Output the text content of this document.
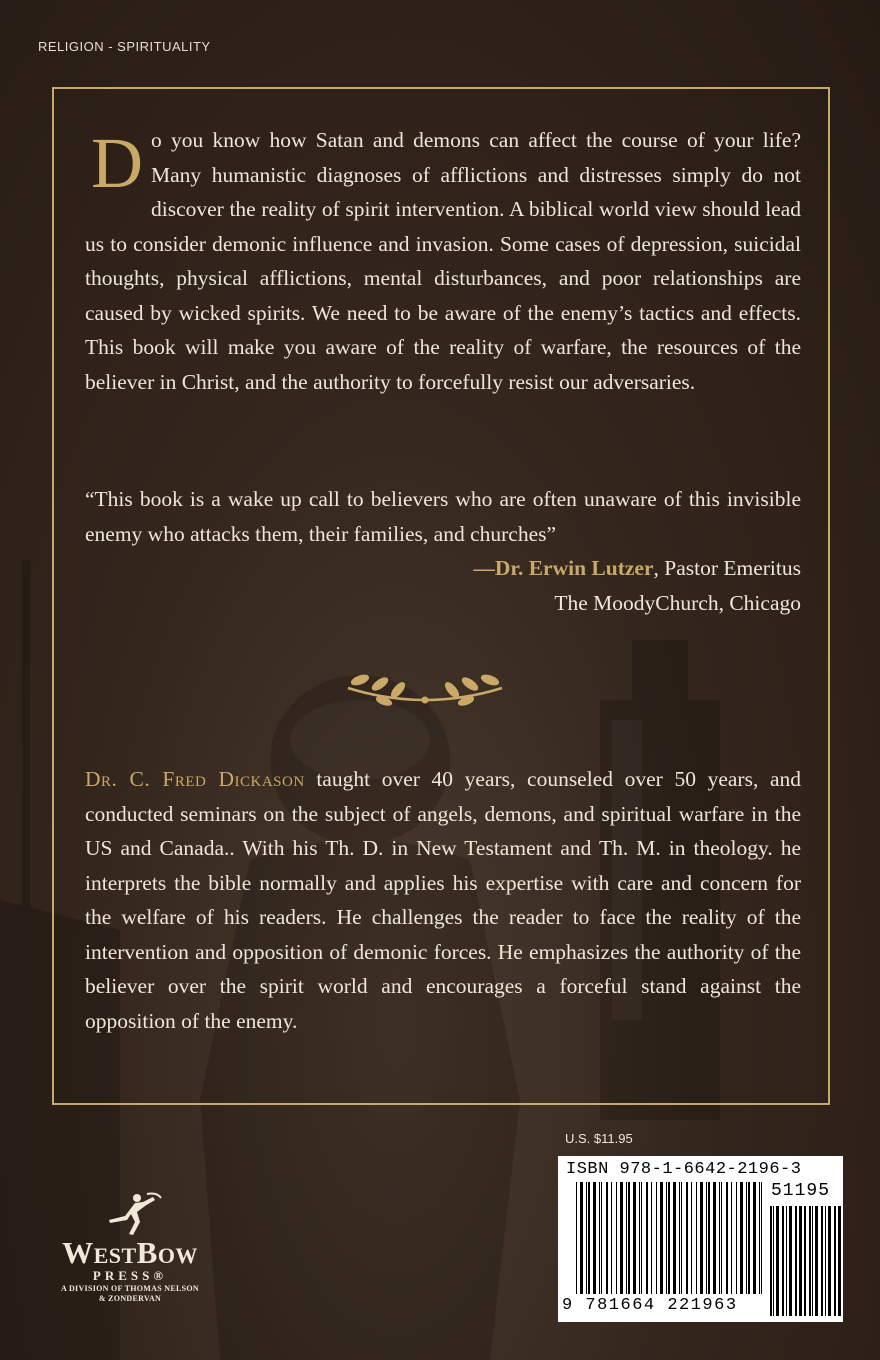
RELIGION - SPIRITUALITY
Do you know how Satan and demons can affect the course of your life? Many humanistic diagnoses of afflictions and distresses simply do not discover the reality of spirit intervention. A biblical world view should lead us to consider demonic influence and invasion. Some cases of depression, suicidal thoughts, physical afflictions, mental disturbances, and poor relationships are caused by wicked spirits. We need to be aware of the enemy’s tactics and effects. This book will make you aware of the reality of warfare, the resources of the believer in Christ, and the authority to forcefully resist our adversaries.
“This book is a wake up call to believers who are often unaware of this invisible enemy who attacks them, their families, and churches”
—Dr. Erwin Lutzer, Pastor Emeritus
The MoodyChurch, Chicago
Dr. C. Fred Dickason taught over 40 years, counseled over 50 years, and conducted seminars on the subject of angels, demons, and spiritual warfare in the US and Canada.. With his Th. D. in New Testament and Th. M. in theology. he interprets the bible normally and applies his expertise with care and concern for the welfare of his readers. He challenges the reader to face the reality of the intervention and opposition of demonic forces. He emphasizes the authority of the believer over the spirit world and encourages a forceful stand against the opposition of the enemy.
U.S. $11.95
ISBN 978-1-6642-2196-3
51195
9 781664 221963
WestBow
PRESS®
A DIVISION OF THOMAS NELSON
& ZONDERVAN
